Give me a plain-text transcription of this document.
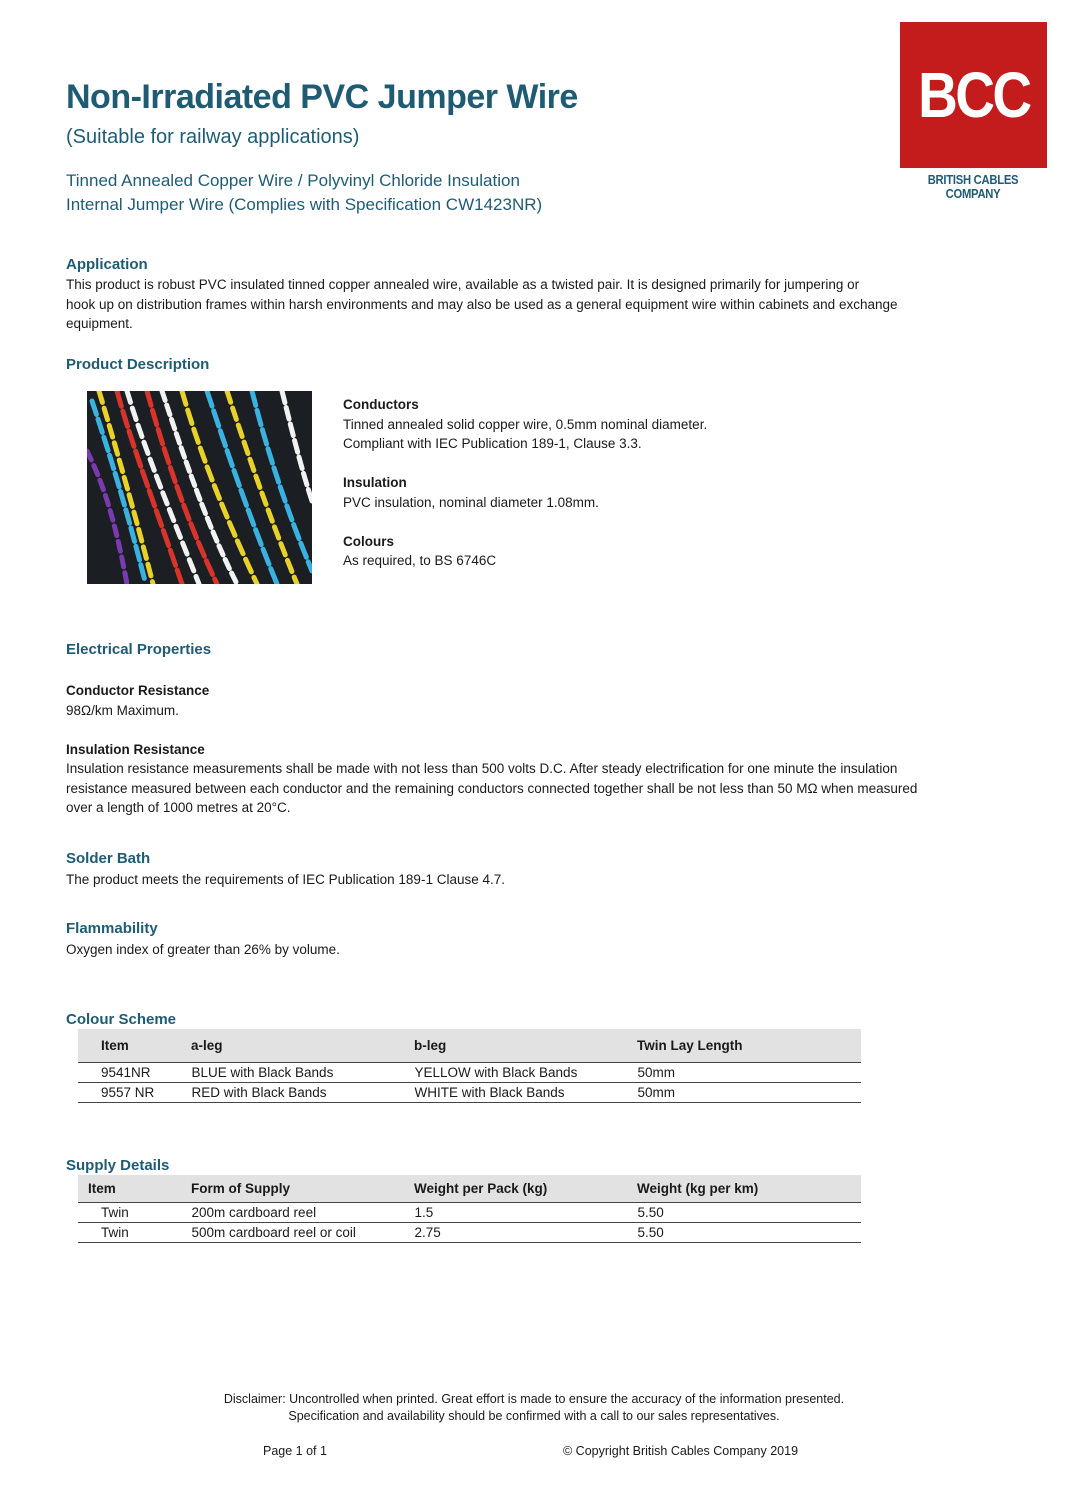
Non-Irradiated PVC Jumper Wire
(Suitable for railway applications)
Tinned Annealed Copper Wire / Polyvinyl Chloride Insulation
Internal Jumper Wire (Complies with Specification CW1423NR)
BCC
BRITISH CABLES COMPANY
Application
This product is robust PVC insulated tinned copper annealed wire, available as a twisted pair. It is designed primarily for jumpering or
hook up on distribution frames within harsh environments and may also be used as a general equipment wire within cabinets and exchange
equipment.
Product Description
Conductors
Tinned annealed solid copper wire, 0.5mm nominal diameter.
Compliant with IEC Publication 189-1, Clause 3.3.
Insulation
PVC insulation, nominal diameter 1.08mm.
Colours
As required, to BS 6746C
Electrical Properties
Conductor Resistance
98Ω/km Maximum.
Insulation Resistance
Insulation resistance measurements shall be made with not less than 500 volts D.C. After steady electrification for one minute the insulation
resistance measured between each conductor and the remaining conductors connected together shall be not less than 50 MΩ when measured
over a length of 1000 metres at 20°C.
Solder Bath
The product meets the requirements of IEC Publication 189-1 Clause 4.7.
Flammability
Oxygen index of greater than 26% by volume.
Colour Scheme
Item	a-leg	b-leg	Twin Lay Length
9541NR	BLUE with Black Bands	YELLOW with Black Bands	50mm
9557 NR	RED with Black Bands	WHITE with Black Bands	50mm
Supply Details
Item	Form of Supply	Weight per Pack (kg)	Weight (kg per km)
Twin	200m cardboard reel	1.5	5.50
Twin	500m cardboard reel or coil	2.75	5.50
Disclaimer: Uncontrolled when printed. Great effort is made to ensure the accuracy of the information presented.
Specification and availability should be confirmed with a call to our sales representatives.
Page 1 of 1	© Copyright British Cables Company 2019
